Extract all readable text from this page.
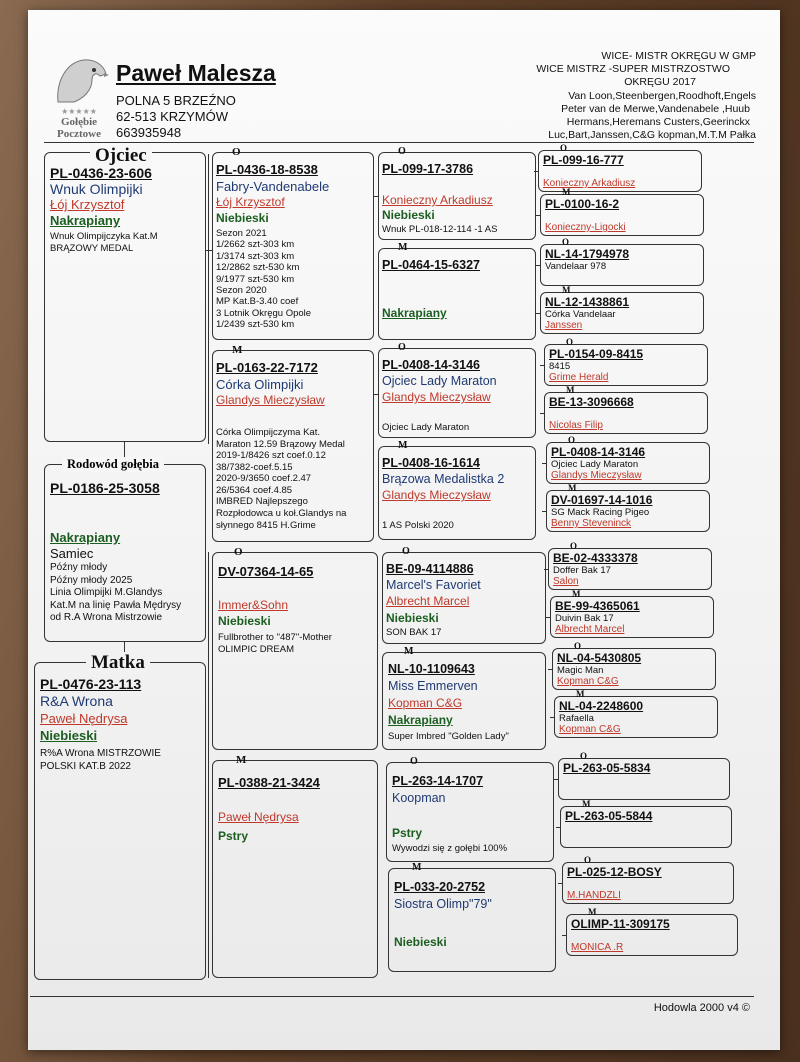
★★★★★
Gołębie
Pocztowe
Paweł Malesza
POLNA 5 BRZEŹNO
62-513 KRZYMÓW
663935948
WICE- MISTR OKRĘGU W GMP
WICE MISTRZ -SUPER MISTRZOSTWO
OKRĘGU 2017
Van Loon,Steenbergen,Roodhoft,Engels
Peter van de Merwe,Vandenabele ,Huub
Hermans,Heremans Custers,Geerinckx
Luc,Bart,Janssen,C&G kopman,M.T.M Pałka
Ojciec
PL-0436-23-606
Wnuk Olimpijki
Łój Krzysztof
Nakrapiany
Wnuk Olimpijczyka Kat.M
BRĄZOWY MEDAL
Rodowód gołębia
PL-0186-25-3058
Nakrapiany
Samiec
Późny młody
Późny młody 2025
Linia Olimpijki M.Glandys
Kat.M na linię Pawła Mędrysy
od R.A Wrona Mistrzowie
Matka
PL-0476-23-113
R&A Wrona
Paweł Nędrysa
Niebieski
R%A Wrona MISTRZOWIE
POLSKI KAT.B 2022
O
PL-0436-18-8538
Fabry-Vandenabele
Łój Krzysztof
Niebieski
Sezon 2021
1/2662 szt-303 km
1/3174 szt-303 km
12/2862 szt-530 km
9/1977 szt-530 km
Sezon 2020
MP Kat.B-3.40 coef
3 Lotnik Okręgu Opole
1/2439 szt-530 km
M
PL-0163-22-7172
Córka Olimpijki
Glandys Mieczysław
Córka Olimpijczyma Kat.
Maraton 12.59 Brązowy Medal
2019-1/8426 szt coef.0.12
38/7382-coef.5.15
2020-9/3650 coef.2.47
26/5364 coef.4.85
IMBRED Najlepszego
Rozpłodowca u koł.Glandys na
słynnego 8415 H.Grime
O
DV-07364-14-65
Immer&Sohn
Niebieski
Fullbrother to "487"-Mother
OLIMPIC DREAM
M
PL-0388-21-3424
Paweł Nędrysa
Pstry
O
PL-099-17-3786
Konieczny Arkadiusz
Niebieski
Wnuk PL-018-12-114 -1 AS
M
PL-0464-15-6327
Nakrapiany
O
PL-0408-14-3146
Ojciec Lady Maraton
Glandys Mieczysław
Ojciec Lady Maraton
M
PL-0408-16-1614
Brązowa Medalistka 2
Glandys Mieczysław
1 AS Polski 2020
O
BE-09-4114886
Marcel's Favoriet
Albrecht Marcel
Niebieski
SON BAK 17
M
NL-10-1109643
Miss Emmerven
Kopman C&G
Nakrapiany
Super Imbred "Golden Lady"
O
PL-263-14-1707
Koopman
Pstry
Wywodzi się z gołębi 100%
M
PL-033-20-2752
Siostra Olimp"79"
Niebieski
O
PL-099-16-777
Konieczny Arkadiusz
M
PL-0100-16-2
Konieczny-Ligocki
O
NL-14-1794978
Vandelaar 978
M
NL-12-1438861
Córka Vandelaar
Janssen
O
PL-0154-09-8415
8415
Grime Herald
M
BE-13-3096668
Nicolas Filip
O
PL-0408-14-3146
Ojciec Lady Maraton
Glandys Mieczysław
M
DV-01697-14-1016
SG Mack Racing Pigeo
Benny Steveninck
O
BE-02-4333378
Doffer Bak 17
Salon
M
BE-99-4365061
Duivin Bak 17
Albrecht Marcel
O
NL-04-5430805
Magic Man
Kopman C&G
M
NL-04-2248600
Rafaella
Kopman C&G
O
PL-263-05-5834
M
PL-263-05-5844
O
PL-025-12-BOSY
M.HANDZLI
M
OLIMP-11-309175
MONICA .R
Hodowla 2000 v4 ©
